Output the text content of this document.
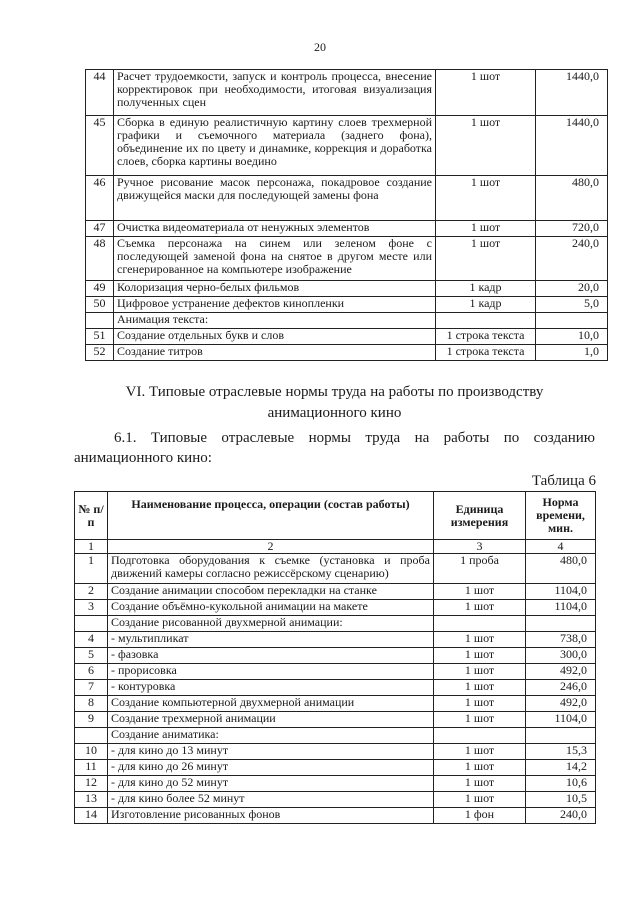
20
44	Расчет трудоемкости, запуск и контроль процесса, внесение корректировок при необходимости, итоговая визуализация полученных сцен	1 шот	1440,0
45	Сборка в единую реалистичную картину слоев трехмерной графики и съемочного материала (заднего фона), объединение их по цвету и динамике, коррекция и доработка слоев, сборка картины воедино	1 шот	1440,0
46	Ручное рисование масок персонажа, покадровое создание движущейся маски для последующей замены фона	1 шот	480,0
47	Очистка видеоматериала от ненужных элементов	1 шот	720,0
48	Съемка персонажа на синем или зеленом фоне с последующей заменой фона на снятое в другом месте или сгенерированное на компьютере изображение	1 шот	240,0
49	Колоризация черно-белых фильмов	1 кадр	20,0
50	Цифровое устранение дефектов кинопленки	1 кадр	5,0
	Анимация текста:		
51	Создание отдельных букв и слов	1 строка текста	10,0
52	Создание титров	1 строка текста	1,0
VI. Типовые отраслевые нормы труда на работы по производству
анимационного кино
6.1. Типовые отраслевые нормы труда на работы по созданию
анимационного кино:
Таблица 6
№ п/п	Наименование процесса, операции (состав работы)	Единица измерения	Норма времени, мин.
1	2	3	4
1	Подготовка оборудования к съемке (установка и проба движений камеры согласно режиссёрскому сценарию)	1 проба	480,0
2	Создание анимации способом перекладки на станке	1 шот	1104,0
3	Создание объёмно-кукольной анимации на макете	1 шот	1104,0
	Создание рисованной двухмерной анимации:		
4	- мультипликат	1 шот	738,0
5	- фазовка	1 шот	300,0
6	- прорисовка	1 шот	492,0
7	- контуровка	1 шот	246,0
8	Создание компьютерной двухмерной анимации	1 шот	492,0
9	Создание трехмерной анимации	1 шот	1104,0
	Создание аниматика:		
10	- для кино до 13 минут	1 шот	15,3
11	- для кино до 26 минут	1 шот	14,2
12	- для кино до 52 минут	1 шот	10,6
13	- для кино более 52 минут	1 шот	10,5
14	Изготовление рисованных фонов	1 фон	240,0
